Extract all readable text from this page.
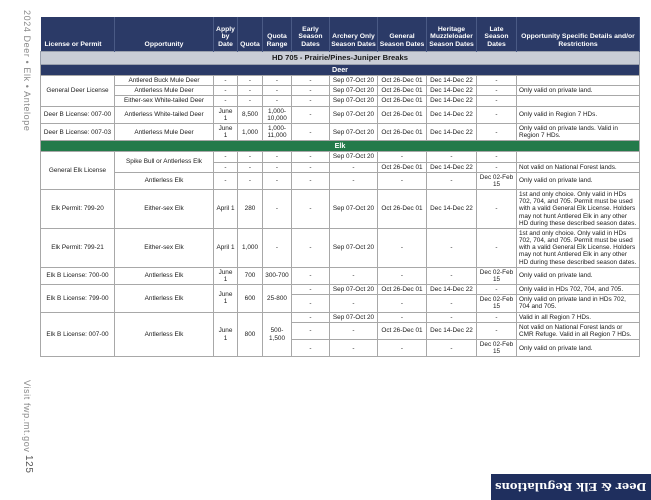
2024 Deer • Elk • Antelope
Visit fwp.mt.gov
125
Deer & Elk Regulations
License or Permit	Opportunity	Apply by Date	Quota	Quota Range	Early Season Dates	Archery Only Season Dates	General Season Dates	Heritage Muzzleloader Season Dates	Late Season Dates	Opportunity Specific Details and/or Restrictions
HD 705 - Prairie/Pines-Juniper Breaks										
Deer										
General Deer License	Antlered Buck Mule Deer	-	-	-	-	Sep 07-Oct 20	Oct 26-Dec 01	Dec 14-Dec 22	-	
	Antlerless Mule Deer	-	-	-	-	Sep 07-Oct 20	Oct 26-Dec 01	Dec 14-Dec 22	-	Only valid on private land.
	Either-sex White-tailed Deer	-	-	-	-	Sep 07-Oct 20	Oct 26-Dec 01	Dec 14-Dec 22	-	
Deer B License: 007-00	Antlerless White-tailed Deer	June 1	8,500	1,000-10,000	-	Sep 07-Oct 20	Oct 26-Dec 01	Dec 14-Dec 22	-	Only valid in Region 7 HDs.
Deer B License: 007-03	Antlerless Mule Deer	June 1	1,000	1,000-11,000	-	Sep 07-Oct 20	Oct 26-Dec 01	Dec 14-Dec 22	-	Only valid on private lands. Valid in Region 7 HDs.
Elk										
General Elk License	Spike Bull or Antlerless Elk	-	-	-	-	Sep 07-Oct 20	-	-	-	
		-	-	-	-	-	Oct 26-Dec 01	Dec 14-Dec 22	-	Not valid on National Forest lands.
	Antlerless Elk	-	-	-	-	-	-	-	Dec 02-Feb 15	Only valid on private land.
Elk Permit: 799-20	Either-sex Elk	April 1	280	-	-	Sep 07-Oct 20	Oct 26-Dec 01	Dec 14-Dec 22	-	1st and only choice. Only valid in HDs 702, 704, and 705. Permit must be used with a valid General Elk License. Holders may not hunt Antlered Elk in any other HD during these described season dates.
Elk Permit: 799-21	Either-sex Elk	April 1	1,000	-	-	Sep 07-Oct 20	-	-	-	1st and only choice. Only valid in HDs 702, 704, and 705. Permit must be used with a valid General Elk License. Holders may not hunt Antlered Elk in any other HD during these described season dates.
Elk B License: 700-00	Antlerless Elk	June 1	700	300-700	-	-	-	-	Dec 02-Feb 15	Only valid on private land.
Elk B License: 799-00	Antlerless Elk	June 1	600	25-800	-	Sep 07-Oct 20	Oct 26-Dec 01	Dec 14-Dec 22	-	Only valid in HDs 702, 704, and 705.
					-	-	-	-	Dec 02-Feb 15	Only valid on private land in HDs 702, 704 and 705.
Elk B License: 007-00	Antlerless Elk	June 1	800	500-1,500	-	Sep 07-Oct 20	-	-	-	Valid in all Region 7 HDs.
					-	-	Oct 26-Dec 01	Dec 14-Dec 22	-	Not valid on National Forest lands or CMR Refuge. Valid in all Region 7 HDs.
					-	-	-	-	Dec 02-Feb 15	Only valid on private land.
